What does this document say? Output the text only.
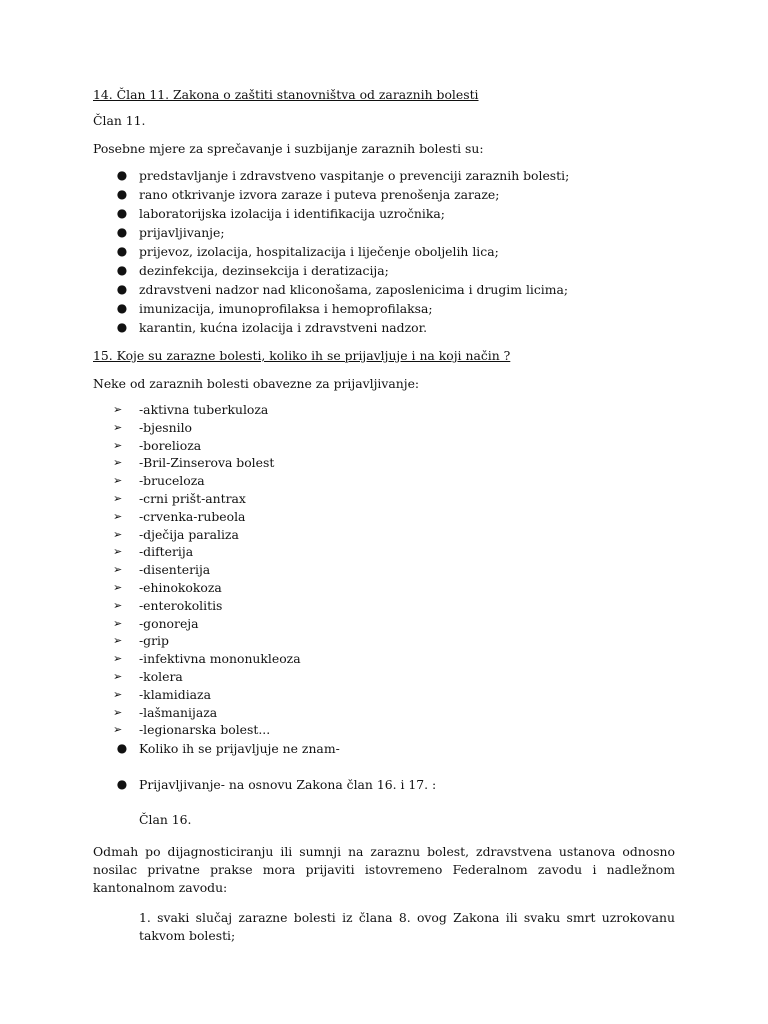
14. Član 11. Zakona o zaštiti stanovništva od zaraznih bolesti

Član 11.

Posebne mjere za sprečavanje i suzbijanje zaraznih bolesti su:

● predstavljanje i zdravstveno vaspitanje o prevenciji zaraznih bolesti;
● rano otkrivanje izvora zaraze i puteva prenošenja zaraze;
● laboratorijska izolacija i identifikacija uzročnika;
● prijavljivanje;
● prijevoz, izolacija, hospitalizacija i liječenje oboljelih lica;
● dezinfekcija, dezinsekcija i deratizacija;
● zdravstveni nadzor nad kliconošama, zaposlenicima i drugim licima;
● imunizacija, imunoprofilaksa i hemoprofilaksa;
● karantin, kućna izolacija i zdravstveni nadzor.

15. Koje su zarazne bolesti, koliko ih se prijavljuje i na koji način ?

Neke od zaraznih bolesti obavezne za prijavljivanje:

➢ -aktivna tuberkuloza
➢ -bjesnilo
➢ -borelioza
➢ -Bril-Zinserova bolest
➢ -bruceloza
➢ -crni prišt-antrax
➢ -crvenka-rubeola
➢ -dječija paraliza
➢ -difterija
➢ -disenterija
➢ -ehinokokoza
➢ -enterokolitis
➢ -gonoreja
➢ -grip
➢ -infektivna mononukleoza
➢ -kolera
➢ -klamidiaza
➢ -lašmanijaza
➢ -legionarska bolest...
● Koliko ih se prijavljuje ne znam-
● Prijavljivanje- na osnovu Zakona član 16. i 17. :

Član 16.

Odmah po dijagnosticiranju ili sumnji na zaraznu bolest, zdravstvena ustanova odnosno nosilac privatne prakse mora prijaviti istovremeno Federalnom zavodu i nadležnom kantonalnom zavodu:

1. svaki slučaj zarazne bolesti iz člana 8. ovog Zakona ili svaku smrt uzrokovanu takvom bolesti;
